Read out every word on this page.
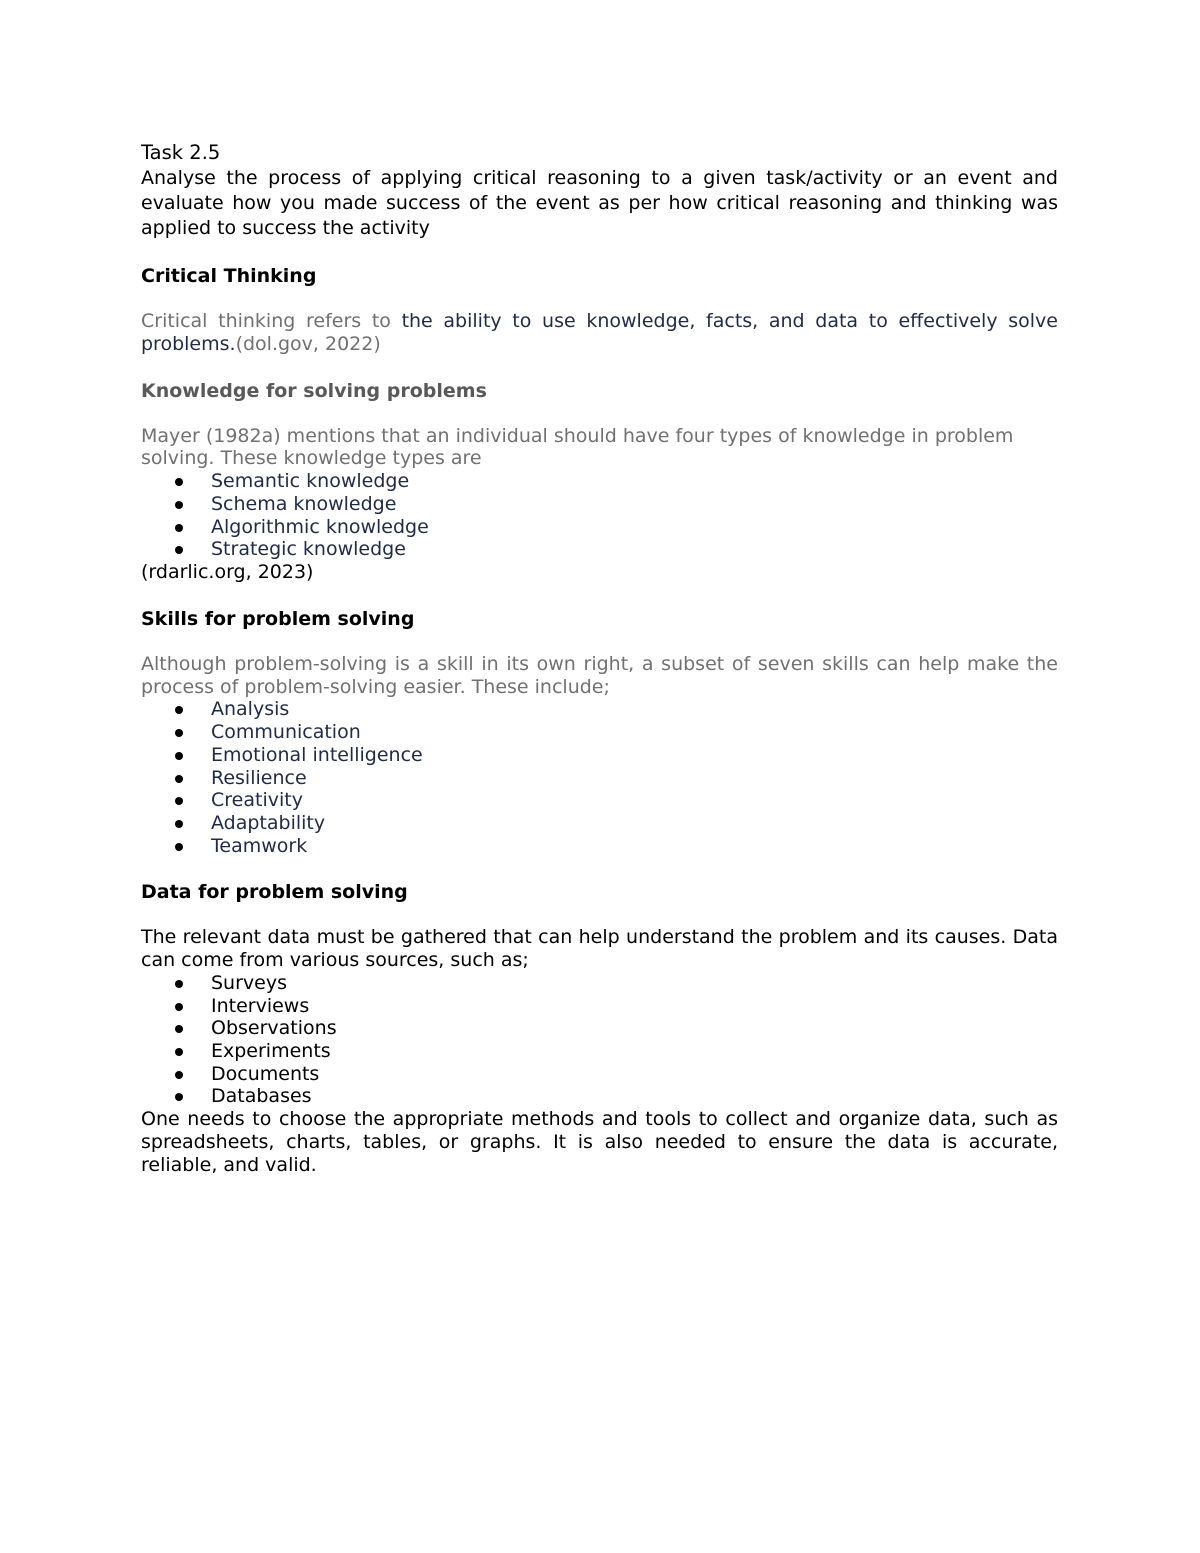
Task 2.5

Analyse the process of applying critical reasoning to a given task/activity or an event and evaluate how you made success of the event as per how critical reasoning and thinking was applied to success the activity

Critical Thinking

Critical thinking refers to the ability to use knowledge, facts, and data to effectively solve problems.(dol.gov, 2022)

Knowledge for solving problems

Mayer (1982a) mentions that an individual should have four types of knowledge in problem solving. These knowledge types are

Semantic knowledge
Schema knowledge
Algorithmic knowledge
Strategic knowledge

(rdarlic.org, 2023)

Skills for problem solving

Although problem-solving is a skill in its own right, a subset of seven skills can help make the process of problem-solving easier. These include;

Analysis
Communication
Emotional intelligence
Resilience
Creativity
Adaptability
Teamwork
Data for problem solving

The relevant data must be gathered that can help understand the problem and its causes. Data can come from various sources, such as;

Surveys
Interviews
Observations
Experiments
Documents
Databases

One needs to choose the appropriate methods and tools to collect and organize data, such as spreadsheets, charts, tables, or graphs. It is also needed to ensure the data is accurate, reliable, and valid.
